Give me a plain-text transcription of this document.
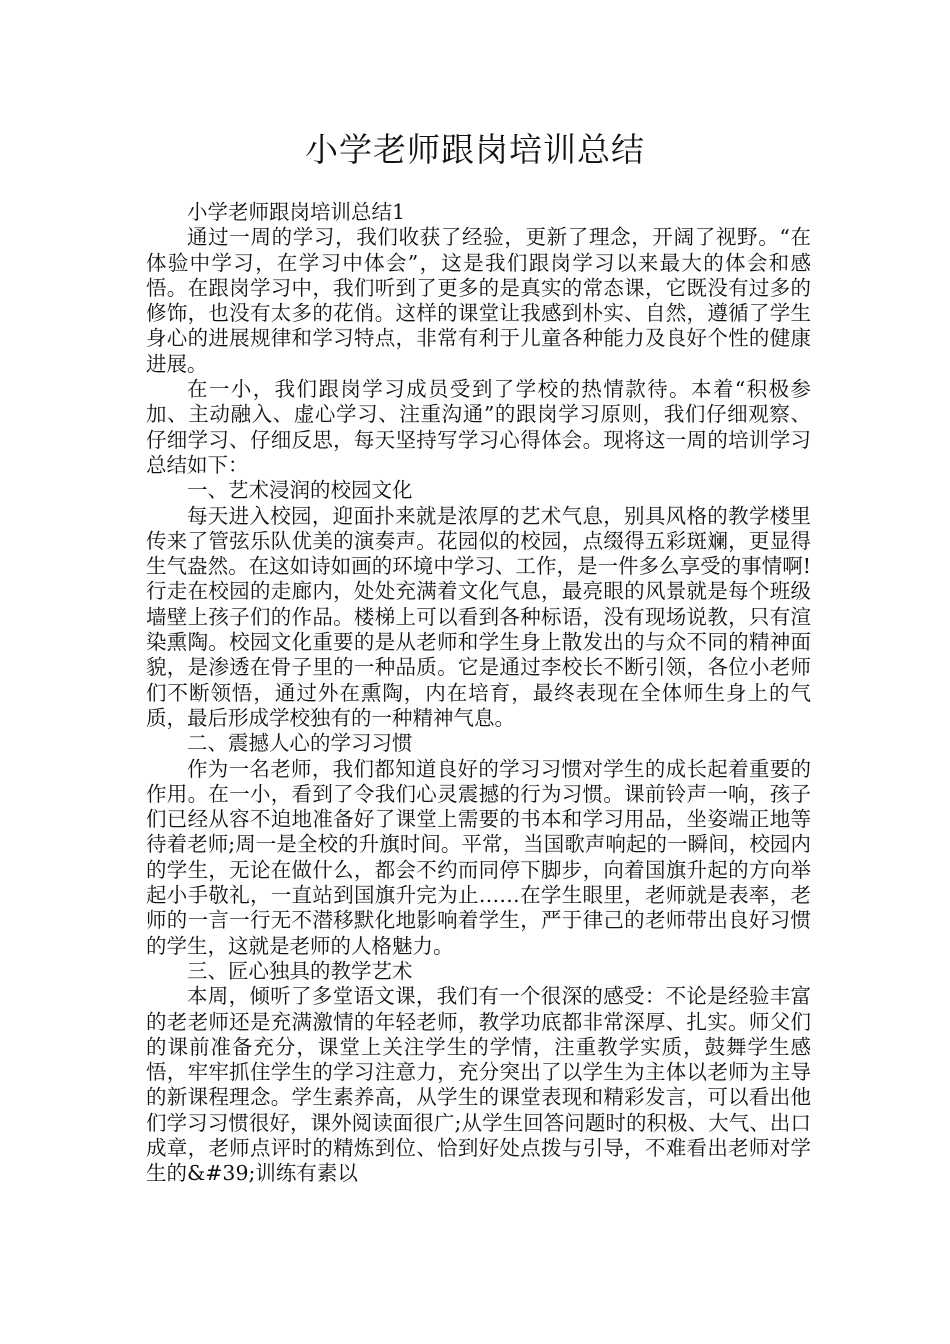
小学老师跟岗培训总结

小学老师跟岗培训总结1

通过一周的学习，我们收获了经验，更新了理念，开阔了视野。“在体验中学习，在学习中体会”，这是我们跟岗学习以来最大的体会和感悟。在跟岗学习中，我们听到了更多的是真实的常态课，它既没有过多的修饰，也没有太多的花俏。这样的课堂让我感到朴实、自然，遵循了学生身心的进展规律和学习特点，非常有利于儿童各种能力及良好个性的健康进展。

在一小，我们跟岗学习成员受到了学校的热情款待。本着“积极参加、主动融入、虚心学习、注重沟通”的跟岗学习原则，我们仔细观察、仔细学习、仔细反思，每天坚持写学习心得体会。现将这一周的培训学习总结如下：

一、艺术浸润的校园文化

每天进入校园，迎面扑来就是浓厚的艺术气息，别具风格的教学楼里传来了管弦乐队优美的演奏声。花园似的校园，点缀得五彩斑斓，更显得生气盎然。在这如诗如画的环境中学习、工作，是一件多么享受的事情啊!行走在校园的走廊内，处处充满着文化气息，最亮眼的风景就是每个班级墙壁上孩子们的作品。楼梯上可以看到各种标语，没有现场说教，只有渲染熏陶。校园文化重要的是从老师和学生身上散发出的与众不同的精神面貌，是渗透在骨子里的一种品质。它是通过李校长不断引领，各位小老师们不断领悟，通过外在熏陶，内在培育，最终表现在全体师生身上的气质，最后形成学校独有的一种精神气息。

二、震撼人心的学习习惯

作为一名老师，我们都知道良好的学习习惯对学生的成长起着重要的作用。在一小，看到了令我们心灵震撼的行为习惯。课前铃声一响，孩子们已经从容不迫地准备好了课堂上需要的书本和学习用品，坐姿端正地等待着老师;周一是全校的升旗时间。平常，当国歌声响起的一瞬间，校园内的学生，无论在做什么，都会不约而同停下脚步，向着国旗升起的方向举起小手敬礼，一直站到国旗升完为止……在学生眼里，老师就是表率，老师的一言一行无不潜移默化地影响着学生，严于律己的老师带出良好习惯的学生，这就是老师的人格魅力。

三、匠心独具的教学艺术

本周，倾听了多堂语文课，我们有一个很深的感受：不论是经验丰富的老老师还是充满激情的年轻老师，教学功底都非常深厚、扎实。师父们的课前准备充分，课堂上关注学生的学情，注重教学实质，鼓舞学生感悟，牢牢抓住学生的学习注意力，充分突出了以学生为主体以老师为主导的新课程理念。学生素养高，从学生的课堂表现和精彩发言，可以看出他们学习习惯很好，课外阅读面很广;从学生回答问题时的积极、大气、出口成章，老师点评时的精炼到位、恰到好处点拨与引导，不难看出老师对学生的&#39;训练有素以
